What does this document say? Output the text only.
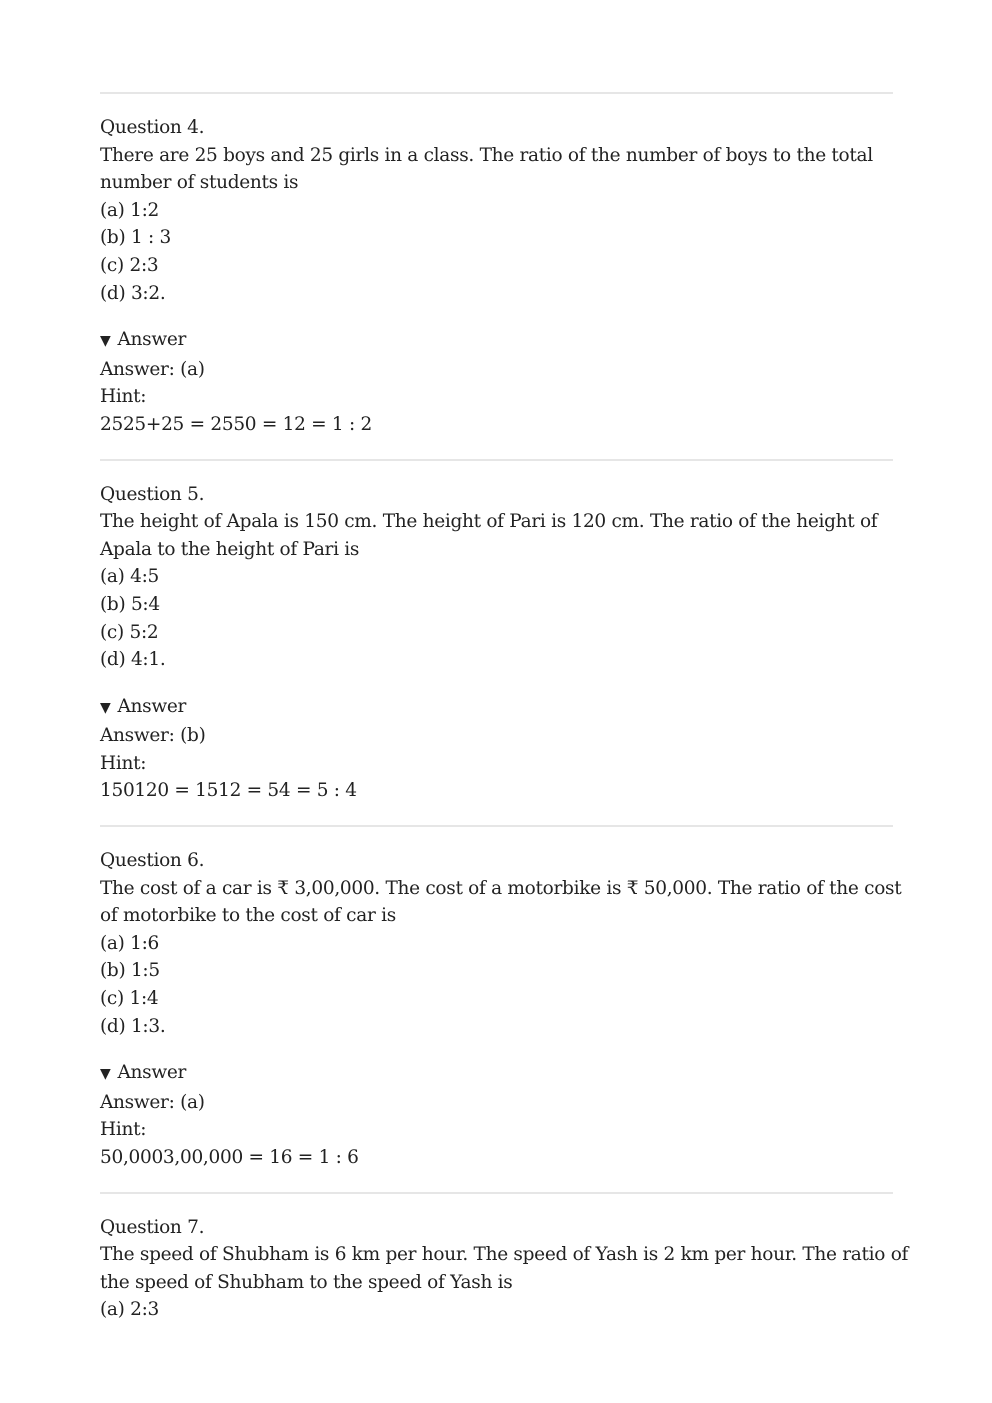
Question 4.
There are 25 boys and 25 girls in a class. The ratio of the number of boys to the total
number of students is
(a) 1:2
(b) 1 : 3
(c) 2:3
(d) 3:2.
▼ Answer
Answer: (a)
Hint:
2525+25 = 2550 = 12 = 1 : 2
Question 5.
The height of Apala is 150 cm. The height of Pari is 120 cm. The ratio of the height of
Apala to the height of Pari is
(a) 4:5
(b) 5:4
(c) 5:2
(d) 4:1.
▼ Answer
Answer: (b)
Hint:
150120 = 1512 = 54 = 5 : 4
Question 6.
The cost of a car is ₹ 3,00,000. The cost of a motorbike is ₹ 50,000. The ratio of the cost
of motorbike to the cost of car is
(a) 1:6
(b) 1:5
(c) 1:4
(d) 1:3.
▼ Answer
Answer: (a)
Hint:
50,0003,00,000 = 16 = 1 : 6
Question 7.
The speed of Shubham is 6 km per hour. The speed of Yash is 2 km per hour. The ratio of
the speed of Shubham to the speed of Yash is
(a) 2:3
